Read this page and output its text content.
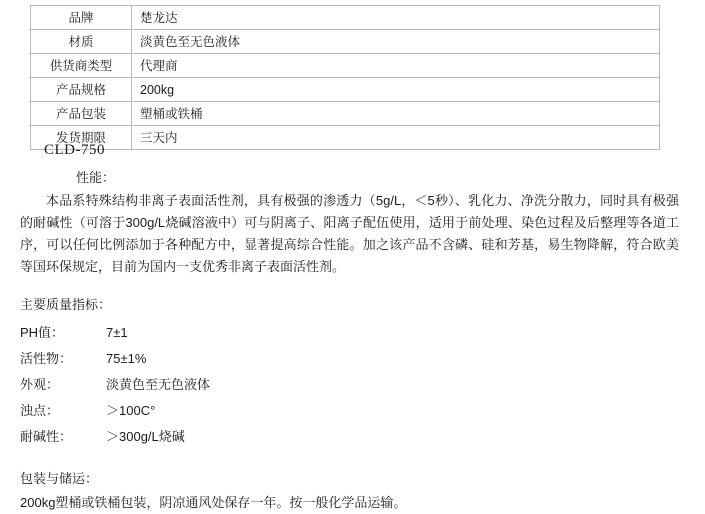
品牌	楚龙达
材质	淡黄色至无色液体
供货商类型	代理商
产品规格	200kg
产品包装	塑桶或铁桶
发货期限	三天内
CLD-750
性能：

本品系特殊结构非离子表面活性剂，具有极强的渗透力（5g/L，＜5秒）、乳化力、净洗分散力，同时具有极强的耐碱性（可溶于300g/L烧碱溶液中）可与阴离子、阳离子配伍使用，适用于前处理、染色过程及后整理等各道工序，可以任何比例添加于各种配方中，显著提高综合性能。加之该产品不含磷、硅和芳基，易生物降解，符合欧美等国环保规定，目前为国内一支优秀非离子表面活性剂。

主要质量指标：

PH值：	7±1
活性物：	75±1%
外观：	淡黄色至无色液体
浊点：	＞100C°
耐碱性：	＞300g/L烧碱

包装与储运：

200kg塑桶或铁桶包装，阴凉通风处保存一年。按一般化学品运输。
